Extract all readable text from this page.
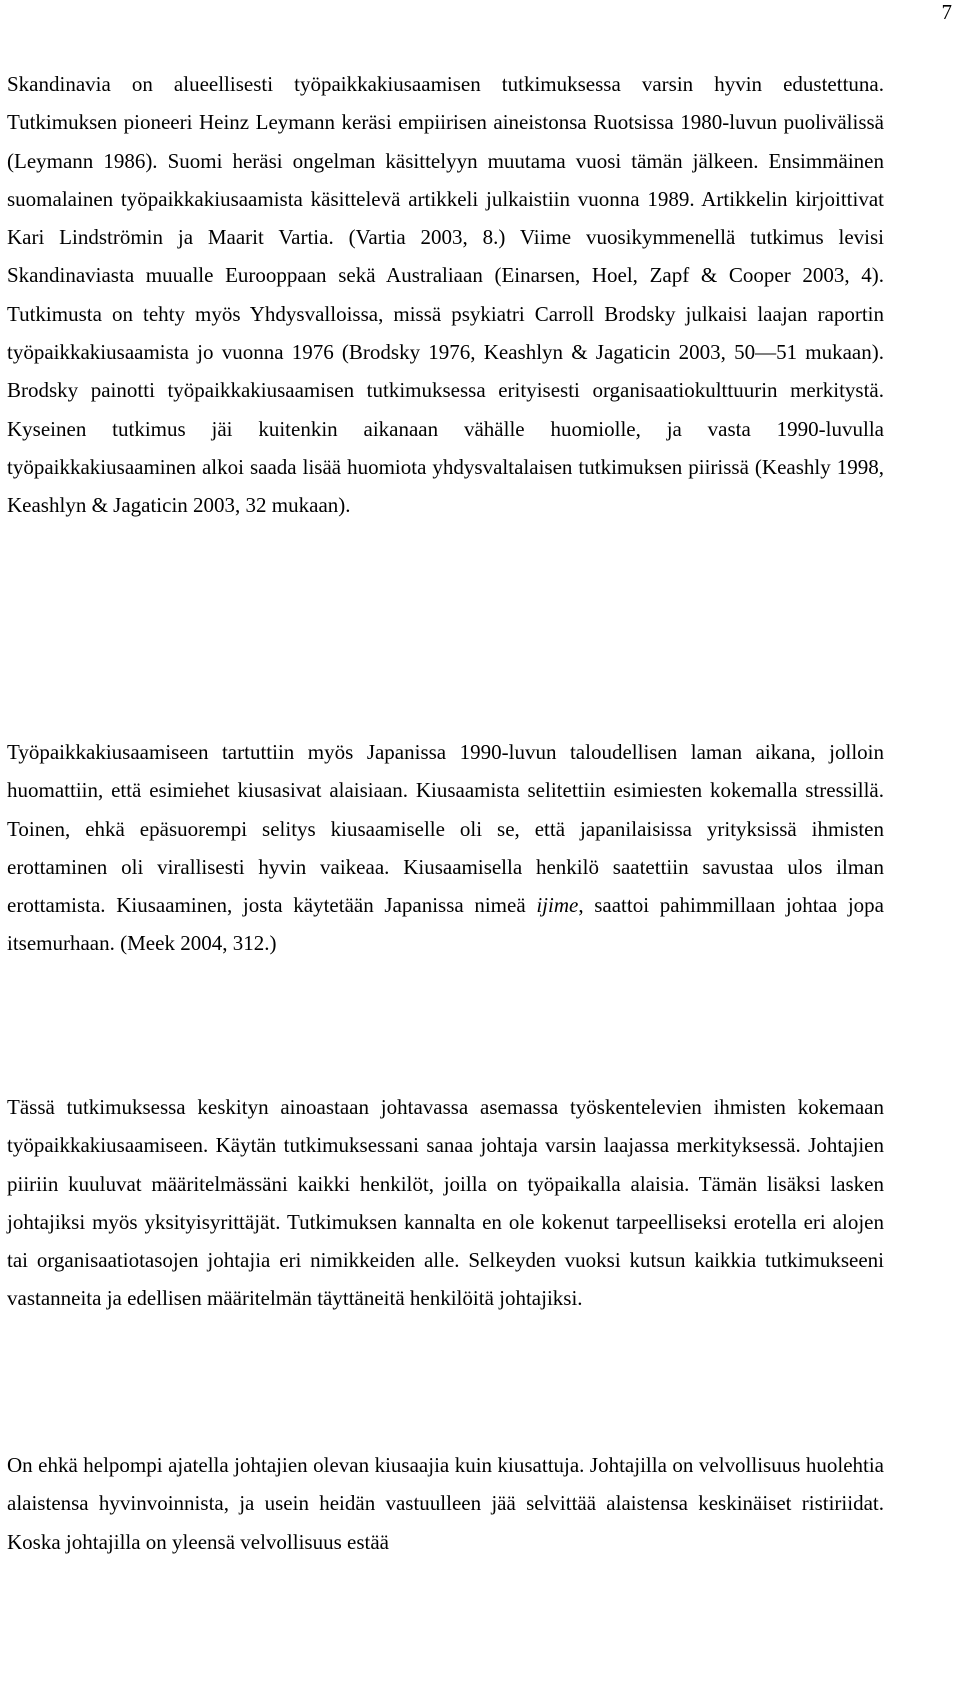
7

Skandinavia on alueellisesti työpaikkakiusaamisen tutkimuksessa varsin hyvin edustettuna. Tutkimuksen pioneeri Heinz Leymann keräsi empiirisen aineistonsa Ruotsissa 1980-luvun puolivälissä (Leymann 1986). Suomi heräsi ongelman käsittelyyn muutama vuosi tämän jälkeen. Ensimmäinen suomalainen työpaikkakiusaamista käsittelevä artikkeli julkaistiin vuonna 1989. Artikkelin kirjoittivat Kari Lindströmin ja Maarit Vartia. (Vartia 2003, 8.) Viime vuosikymmenellä tutkimus levisi Skandinaviasta muualle Eurooppaan sekä Australiaan (Einarsen, Hoel, Zapf & Cooper 2003, 4). Tutkimusta on tehty myös Yhdysvalloissa, missä psykiatri Carroll Brodsky julkaisi laajan raportin työpaikkakiusaamista jo vuonna 1976 (Brodsky 1976, Keashlyn & Jagaticin 2003, 50—51 mukaan). Brodsky painotti työpaikkakiusaamisen tutkimuksessa erityisesti organisaatiokulttuurin merkitystä. Kyseinen tutkimus jäi kuitenkin aikanaan vähälle huomiolle, ja vasta 1990-luvulla työpaikkakiusaaminen alkoi saada lisää huomiota yhdysvaltalaisen tutkimuksen piirissä (Keashly 1998, Keashlyn & Jagaticin 2003, 32 mukaan).

Työpaikkakiusaamiseen tartuttiin myös Japanissa 1990-luvun taloudellisen laman aikana, jolloin huomattiin, että esimiehet kiusasivat alaisiaan. Kiusaamista selitettiin esimiesten kokemalla stressillä. Toinen, ehkä epäsuorempi selitys kiusaamiselle oli se, että japanilaisissa yrityksissä ihmisten erottaminen oli virallisesti hyvin vaikeaa. Kiusaamisella henkilö saatettiin savustaa ulos ilman erottamista. Kiusaaminen, josta käytetään Japanissa nimeä ijime, saattoi pahimmillaan johtaa jopa itsemurhaan. (Meek 2004, 312.)

Tässä tutkimuksessa keskityn ainoastaan johtavassa asemassa työskentelevien ihmisten kokemaan työpaikkakiusaamiseen. Käytän tutkimuksessani sanaa johtaja varsin laajassa merkityksessä. Johtajien piiriin kuuluvat määritelmässäni kaikki henkilöt, joilla on työpaikalla alaisia. Tämän lisäksi lasken johtajiksi myös yksityisyrittäjät. Tutkimuksen kannalta en ole kokenut tarpeelliseksi erotella eri alojen tai organisaatiotasojen johtajia eri nimikkeiden alle. Selkeyden vuoksi kutsun kaikkia tutkimukseeni vastanneita ja edellisen määritelmän täyttäneitä henkilöitä johtajiksi.

On ehkä helpompi ajatella johtajien olevan kiusaajia kuin kiusattuja. Johtajilla on velvollisuus huolehtia alaistensa hyvinvoinnista, ja usein heidän vastuulleen jää selvittää alaistensa keskinäiset ristiriidat. Koska johtajilla on yleensä velvollisuus estää
